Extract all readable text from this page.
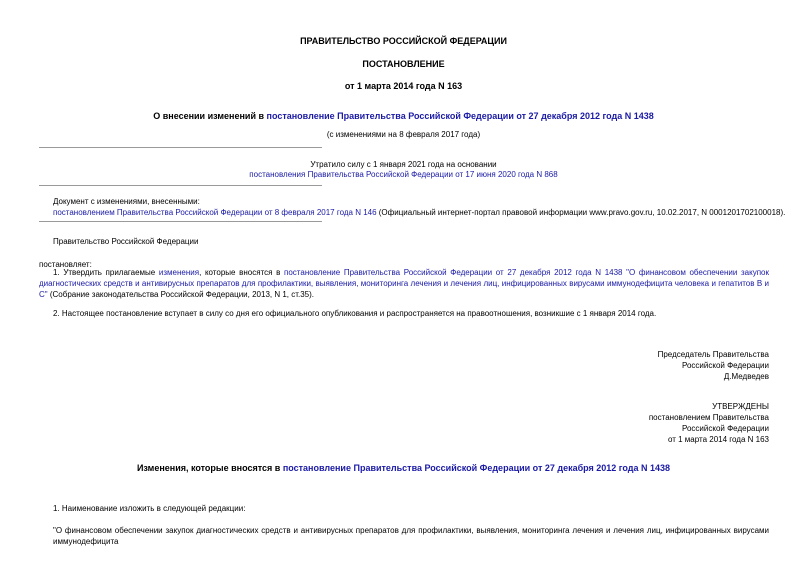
ПРАВИТЕЛЬСТВО РОССИЙСКОЙ ФЕДЕРАЦИИ
ПОСТАНОВЛЕНИЕ
от 1 марта 2014 года N 163
О внесении изменений в постановление Правительства Российской Федерации от 27 декабря 2012 года N 1438
(с изменениями на 8 февраля 2017 года)
Утратило силу с 1 января 2021 года на основании
постановления Правительства Российской Федерации от 17 июня 2020 года N 868
Документ с изменениями, внесенными:
постановлением Правительства Российской Федерации от 8 февраля 2017 года N 146 (Официальный интернет-портал правовой информации www.pravo.gov.ru, 10.02.2017, N 0001201702100018).
Правительство Российской Федерации
постановляет:
1. Утвердить прилагаемые изменения, которые вносятся в постановление Правительства Российской Федерации от 27 декабря 2012 года N 1438 "О финансовом обеспечении закупок диагностических средств и антивирусных препаратов для профилактики, выявления, мониторинга лечения и лечения лиц, инфицированных вирусами иммунодефицита человека и гепатитов В и С" (Собрание законодательства Российской Федерации, 2013, N 1, ст.35).
2. Настоящее постановление вступает в силу со дня его официального опубликования и распространяется на правоотношения, возникшие с 1 января 2014 года.
Председатель Правительства
Российской Федерации
Д.Медведев
УТВЕРЖДЕНЫ
постановлением Правительства
Российской Федерации
от 1 марта 2014 года N 163
Изменения, которые вносятся в постановление Правительства Российской Федерации от 27 декабря 2012 года N 1438
1. Наименование изложить в следующей редакции:
"О финансовом обеспечении закупок диагностических средств и антивирусных препаратов для профилактики, выявления, мониторинга лечения и лечения лиц, инфицированных вирусами иммунодефицита
